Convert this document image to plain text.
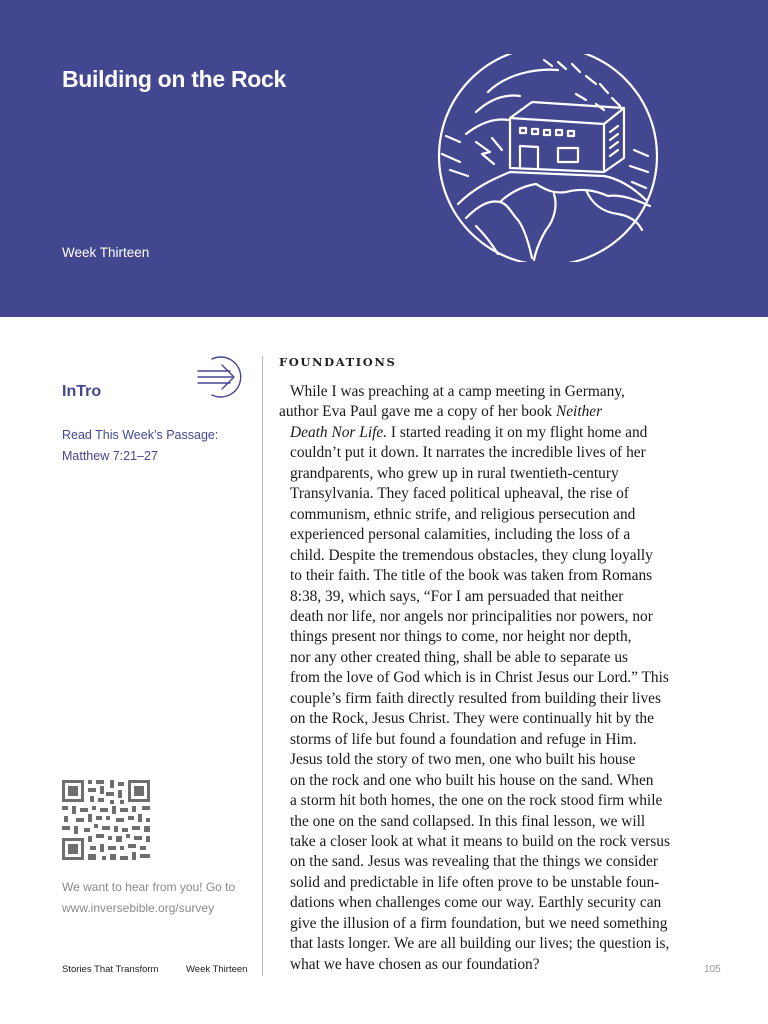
Building on the Rock
Week Thirteen
InTro
Read This Week’s Passage:
Matthew 7:21–27
We want to hear from you! Go to
www.inversebible.org/survey
Stories That Transform	Week Thirteen	105
FOUNDATIONS

While I was preaching at a camp meeting in Germany,
author Eva Paul gave me a copy of her book Neither
Death Nor Life. I started reading it on my flight home and
couldn’t put it down. It narrates the incredible lives of her
grandparents, who grew up in rural twentieth-century
Transylvania. They faced political upheaval, the rise of
communism, ethnic strife, and religious persecution and
experienced personal calamities, including the loss of a
child. Despite the tremendous obstacles, they clung loyally
to their faith. The title of the book was taken from Romans
8:38, 39, which says, “For I am persuaded that neither
death nor life, nor angels nor principalities nor powers, nor
things present nor things to come, nor height nor depth,
nor any other created thing, shall be able to separate us
from the love of God which is in Christ Jesus our Lord.” This
couple’s firm faith directly resulted from building their lives
on the Rock, Jesus Christ. They were continually hit by the
storms of life but found a foundation and refuge in Him.

Jesus told the story of two men, one who built his house
on the rock and one who built his house on the sand. When
a storm hit both homes, the one on the rock stood firm while
the one on the sand collapsed. In this final lesson, we will
take a closer look at what it means to build on the rock versus
on the sand. Jesus was revealing that the things we consider
solid and predictable in life often prove to be unstable foun-
dations when challenges come our way. Earthly security can
give the illusion of a firm foundation, but we need something
that lasts longer. We are all building our lives; the question is,
what we have chosen as our foundation?
